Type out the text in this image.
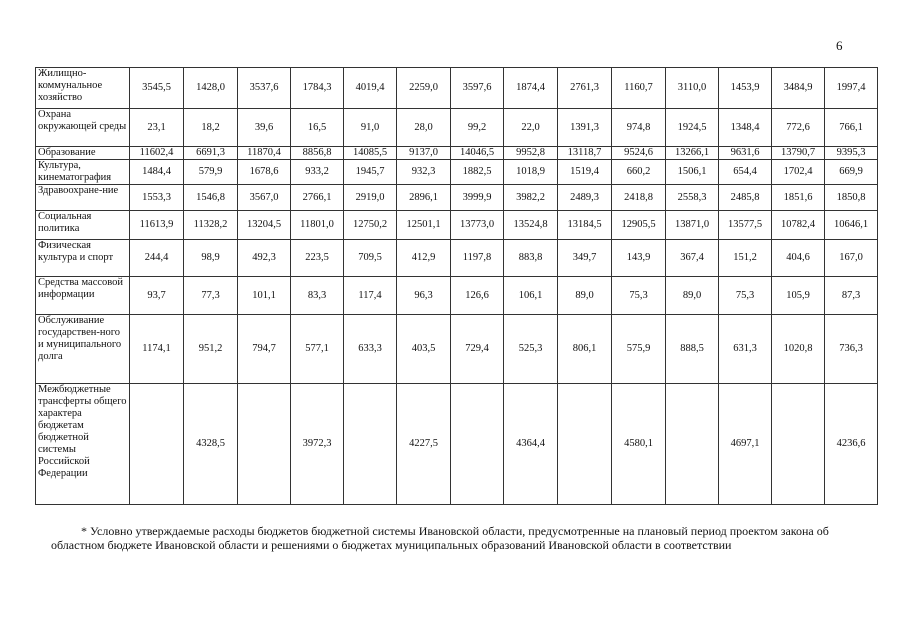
6
Жилищно-коммунальное хозяйство	3545,5	1428,0	3537,6	1784,3	4019,4	2259,0	3597,6	1874,4	2761,3	1160,7	3110,0	1453,9	3484,9	1997,4
Охрана окружающей среды	23,1	18,2	39,6	16,5	91,0	28,0	99,2	22,0	1391,3	974,8	1924,5	1348,4	772,6	766,1
Образование	11602,4	6691,3	11870,4	8856,8	14085,5	9137,0	14046,5	9952,8	13118,7	9524,6	13266,1	9631,6	13790,7	9395,3
Культура, кинематография	1484,4	579,9	1678,6	933,2	1945,7	932,3	1882,5	1018,9	1519,4	660,2	1506,1	654,4	1702,4	669,9
Здравоохране-ние	1553,3	1546,8	3567,0	2766,1	2919,0	2896,1	3999,9	3982,2	2489,3	2418,8	2558,3	2485,8	1851,6	1850,8
Социальная политика	11613,9	11328,2	13204,5	11801,0	12750,2	12501,1	13773,0	13524,8	13184,5	12905,5	13871,0	13577,5	10782,4	10646,1
Физическая культура и спорт	244,4	98,9	492,3	223,5	709,5	412,9	1197,8	883,8	349,7	143,9	367,4	151,2	404,6	167,0
Средства массовой информации	93,7	77,3	101,1	83,3	117,4	96,3	126,6	106,1	89,0	75,3	89,0	75,3	105,9	87,3
Обслуживание государствен-ного и муниципального долга	1174,1	951,2	794,7	577,1	633,3	403,5	729,4	525,3	806,1	575,9	888,5	631,3	1020,8	736,3
Межбюджетные трансферты общего характера бюджетам бюджетной системы Российской Федерации		4328,5		3972,3		4227,5		4364,4		4580,1		4697,1		4236,6
* Условно утверждаемые расходы бюджетов бюджетной системы Ивановской области, предусмотренные на плановый период проектом закона об областном бюджете Ивановской области и решениями о бюджетах муниципальных образований Ивановской области в соответствии
